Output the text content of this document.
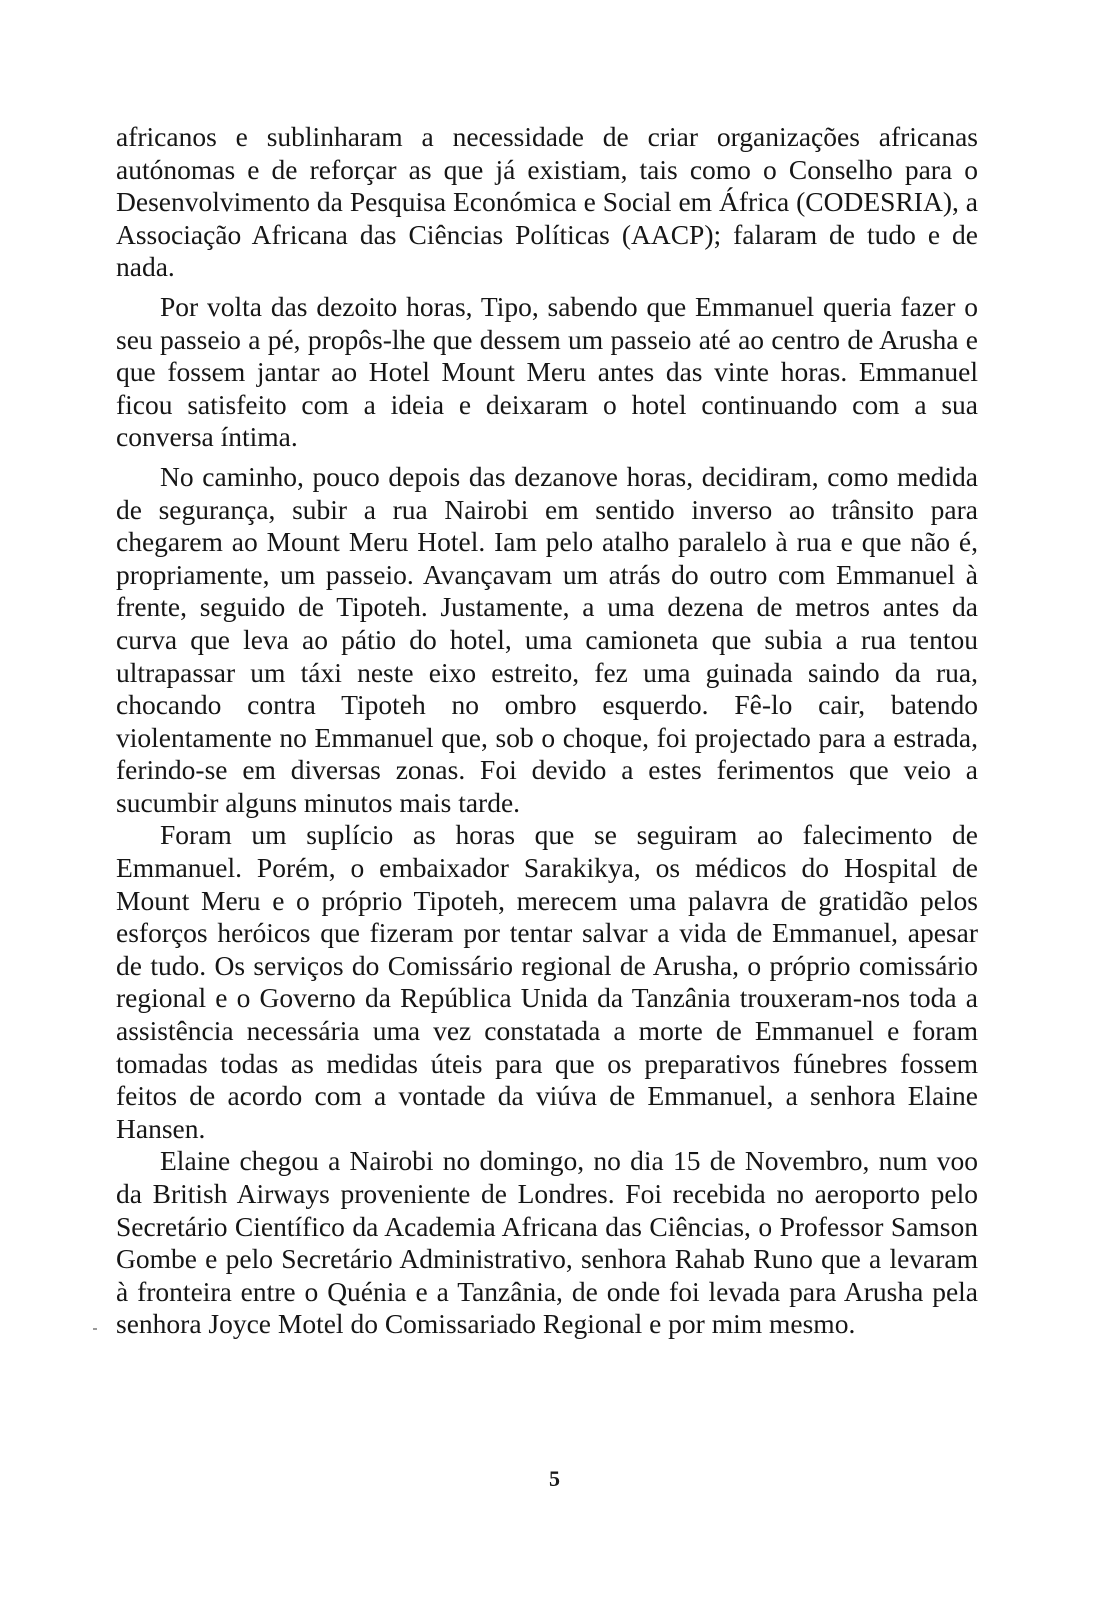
africanos e sublinharam a necessidade de criar organizações africanas autónomas e de reforçar as que já existiam, tais como o Conselho para o Desenvolvimento da Pesquisa Económica e Social em África (CODESRIA), a Associação Africana das Ciências Políticas (AACP); falaram de tudo e de nada.

Por volta das dezoito horas, Tipo, sabendo que Emmanuel queria fazer o seu passeio a pé, propôs-lhe que dessem um passeio até ao centro de Arusha e que fossem jantar ao Hotel Mount Meru antes das vinte horas. Emmanuel ficou satisfeito com a ideia e deixaram o hotel continuando com a sua conversa íntima.

No caminho, pouco depois das dezanove horas, decidiram, como medida de segurança, subir a rua Nairobi em sentido inverso ao trânsito para chegarem ao Mount Meru Hotel. Iam pelo atalho paralelo à rua e que não é, propriamente, um passeio. Avançavam um atrás do outro com Emmanuel à frente, seguido de Tipoteh. Justamente, a uma dezena de metros antes da curva que leva ao pátio do hotel, uma camioneta que subia a rua tentou ultrapassar um táxi neste eixo estreito, fez uma guinada saindo da rua, chocando contra Tipoteh no ombro esquerdo. Fê-lo cair, batendo violentamente no Emmanuel que, sob o choque, foi projectado para a estrada, ferindo-se em diversas zonas. Foi devido a estes ferimentos que veio a sucumbir alguns minutos mais tarde.

Foram um suplício as horas que se seguiram ao falecimento de Emmanuel. Porém, o embaixador Sarakikya, os médicos do Hospital de Mount Meru e o próprio Tipoteh, merecem uma palavra de gratidão pelos esforços heróicos que fizeram por tentar salvar a vida de Emmanuel, apesar de tudo. Os serviços do Comissário regional de Arusha, o próprio comissário regional e o Governo da República Unida da Tanzânia trouxeram-nos toda a assistência necessária uma vez constatada a morte de Emmanuel e foram tomadas todas as medidas úteis para que os preparativos fúnebres fossem feitos de acordo com a vontade da viúva de Emmanuel, a senhora Elaine Hansen.

Elaine chegou a Nairobi no domingo, no dia 15 de Novembro, num voo da British Airways proveniente de Londres. Foi recebida no aeroporto pelo Secretário Científico da Academia Africana das Ciências, o Professor Samson Gombe e pelo Secretário Administrativo, senhora Rahab Runo que a levaram à fronteira entre o Quénia e a Tanzânia, de onde foi levada para Arusha pela senhora Joyce Motel do Comissariado Regional e por mim mesmo.

5
